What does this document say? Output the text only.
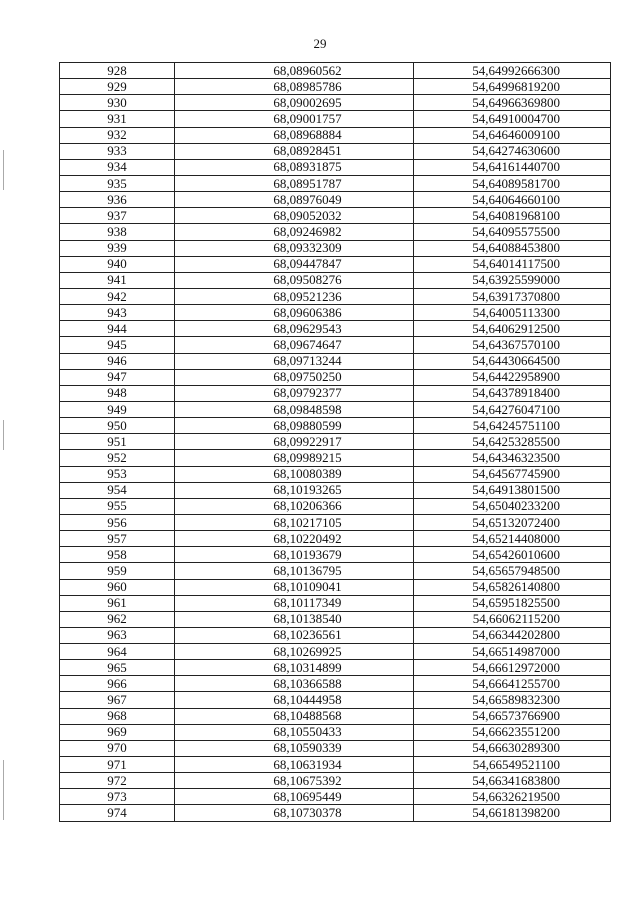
29
928	68,08960562	54,64992666300
929	68,08985786	54,64996819200
930	68,09002695	54,64966369800
931	68,09001757	54,64910004700
932	68,08968884	54,64646009100
933	68,08928451	54,64274630600
934	68,08931875	54,64161440700
935	68,08951787	54,64089581700
936	68,08976049	54,64064660100
937	68,09052032	54,64081968100
938	68,09246982	54,64095575500
939	68,09332309	54,64088453800
940	68,09447847	54,64014117500
941	68,09508276	54,63925599000
942	68,09521236	54,63917370800
943	68,09606386	54,64005113300
944	68,09629543	54,64062912500
945	68,09674647	54,64367570100
946	68,09713244	54,64430664500
947	68,09750250	54,64422958900
948	68,09792377	54,64378918400
949	68,09848598	54,64276047100
950	68,09880599	54,64245751100
951	68,09922917	54,64253285500
952	68,09989215	54,64346323500
953	68,10080389	54,64567745900
954	68,10193265	54,64913801500
955	68,10206366	54,65040233200
956	68,10217105	54,65132072400
957	68,10220492	54,65214408000
958	68,10193679	54,65426010600
959	68,10136795	54,65657948500
960	68,10109041	54,65826140800
961	68,10117349	54,65951825500
962	68,10138540	54,66062115200
963	68,10236561	54,66344202800
964	68,10269925	54,66514987000
965	68,10314899	54,66612972000
966	68,10366588	54,66641255700
967	68,10444958	54,66589832300
968	68,10488568	54,66573766900
969	68,10550433	54,66623551200
970	68,10590339	54,66630289300
971	68,10631934	54,66549521100
972	68,10675392	54,66341683800
973	68,10695449	54,66326219500
974	68,10730378	54,66181398200
